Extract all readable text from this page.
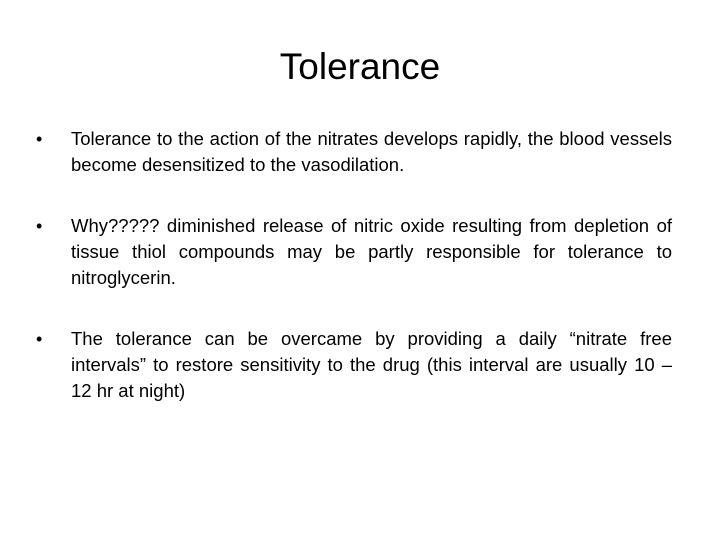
Tolerance
•	Tolerance to the action of the nitrates develops rapidly, the blood vessels become desensitized to the vasodilation.
•	Why????? diminished release of nitric oxide resulting from depletion of tissue thiol compounds may be partly responsible for tolerance to nitroglycerin.
•	The tolerance can be overcame by providing a daily “nitrate free intervals” to restore sensitivity to the drug (this interval are usually 10 – 12 hr at night)
